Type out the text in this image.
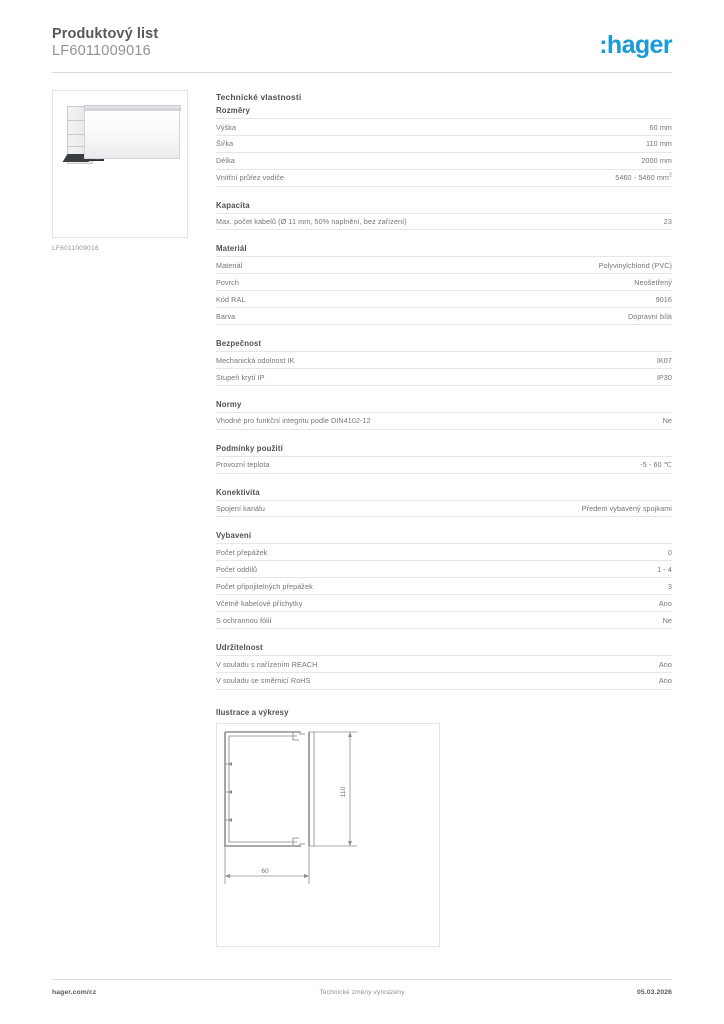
Produktový list
LF6011009016	:hager
LF6011009016
Technické vlastnosti
Rozměry
Výška	60 mm
Šířka	110 mm
Délka	2000 mm
Vnitřní průřez vodiče	5460 - 5460 $mm^2$
Kapacita
Max. počet kabelů (Ø 11 mm, 50% naplnění, bez zařízení)	23
Materiál
Materiál	Polyvinylchlorid (PVC)
Povrch	Neošetřený
Kód RAL	9016
Barva	Dopravní bílá
Bezpečnost
Mechanická odolnost IK	IK07
Stupeň krytí IP	IP30
Normy
Vhodné pro funkční integritu podle DIN4102-12	Ne
Podmínky použití
Provozní teplota	-5 - 60 ℃
Konektivita
Spojení kanálu	Předem vybavený spojkami
Vybavení
Počet přepážek	0
Počet oddílů	1 - 4
Počet připojitelných přepážek	3
Včetně kabelové příchytky	Ano
S ochrannou fólií	Ne
Udržitelnost
V souladu s nařízením REACH	Ano
V souladu se směrnicí RoHS	Ano
Ilustrace a výkresy
110
60
hager.com/cz	Technické změny vyhrazeny	05.03.2026
